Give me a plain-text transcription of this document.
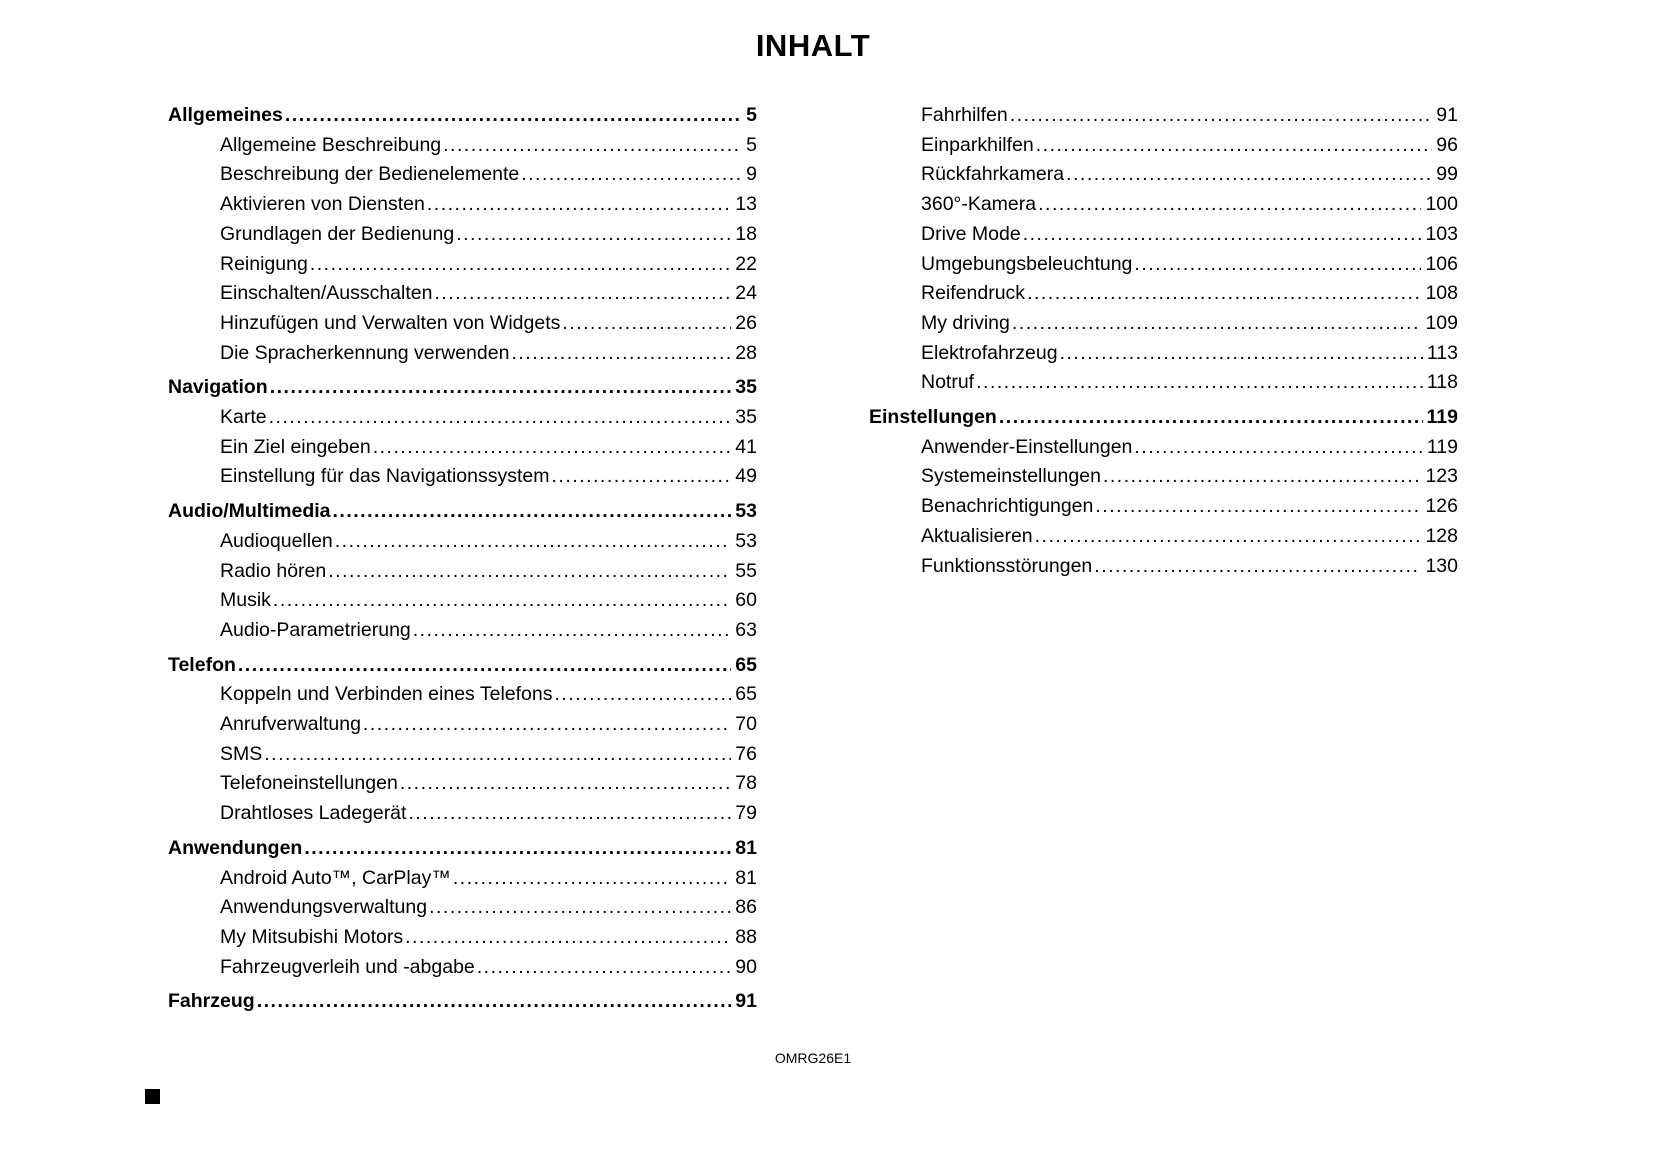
INHALT
Allgemeines .....	5
Allgemeine Beschreibung .....	5
Beschreibung der Bedienelemente .....	9
Aktivieren von Diensten .....	13
Grundlagen der Bedienung .....	18
Reinigung .....	22
Einschalten/Ausschalten .....	24
Hinzufügen und Verwalten von Widgets .....	26
Die Spracherkennung verwenden .....	28
Navigation .....	35
Karte .....	35
Ein Ziel eingeben .....	41
Einstellung für das Navigationssystem .....	49
Audio/Multimedia .....	53
Audioquellen .....	53
Radio hören .....	55
Musik .....	60
Audio-Parametrierung .....	63
Telefon .....	65
Koppeln und Verbinden eines Telefons .....	65
Anrufverwaltung .....	70
SMS .....	76
Telefoneinstellungen .....	78
Drahtloses Ladegerät .....	79
Anwendungen .....	81
Android Auto™, CarPlay™ .....	81
Anwendungsverwaltung .....	86
My Mitsubishi Motors .....	88
Fahrzeugverleih und -abgabe .....	90
Fahrzeug .....	91
Fahrhilfen .....	91
Einparkhilfen .....	96
Rückfahrkamera .....	99
360°-Kamera .....	100
Drive Mode .....	103
Umgebungsbeleuchtung .....	106
Reifendruck .....	108
My driving .....	109
Elektrofahrzeug .....	113
Notruf .....	118
Einstellungen .....	119
Anwender-Einstellungen .....	119
Systemeinstellungen .....	123
Benachrichtigungen .....	126
Aktualisieren .....	128
Funktionsstörungen .....	130
OMRG26E1
